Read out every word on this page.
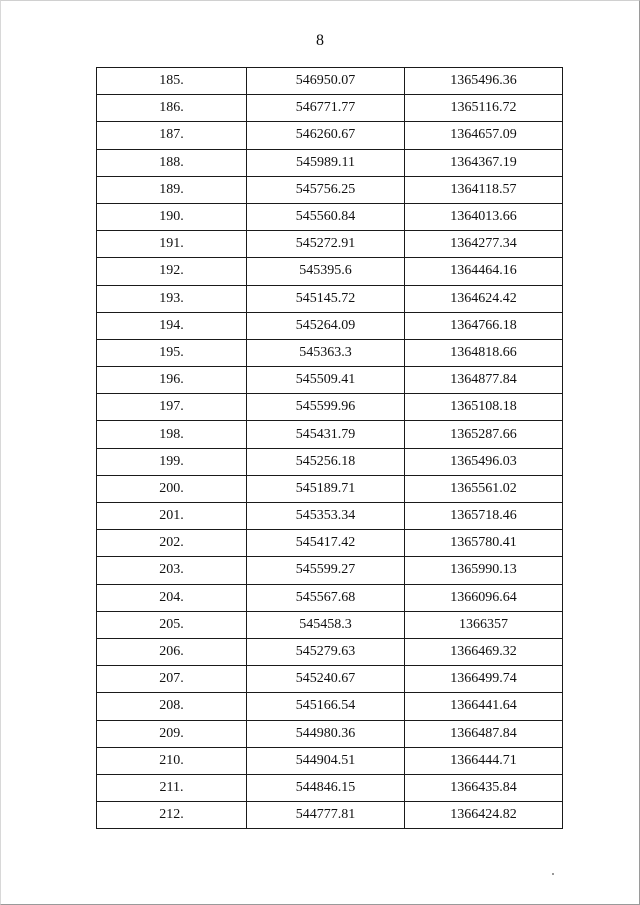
8
185.	546950.07	1365496.36
186.	546771.77	1365116.72
187.	546260.67	1364657.09
188.	545989.11	1364367.19
189.	545756.25	1364118.57
190.	545560.84	1364013.66
191.	545272.91	1364277.34
192.	545395.6	1364464.16
193.	545145.72	1364624.42
194.	545264.09	1364766.18
195.	545363.3	1364818.66
196.	545509.41	1364877.84
197.	545599.96	1365108.18
198.	545431.79	1365287.66
199.	545256.18	1365496.03
200.	545189.71	1365561.02
201.	545353.34	1365718.46
202.	545417.42	1365780.41
203.	545599.27	1365990.13
204.	545567.68	1366096.64
205.	545458.3	1366357
206.	545279.63	1366469.32
207.	545240.67	1366499.74
208.	545166.54	1366441.64
209.	544980.36	1366487.84
210.	544904.51	1366444.71
211.	544846.15	1366435.84
212.	544777.81	1366424.82
